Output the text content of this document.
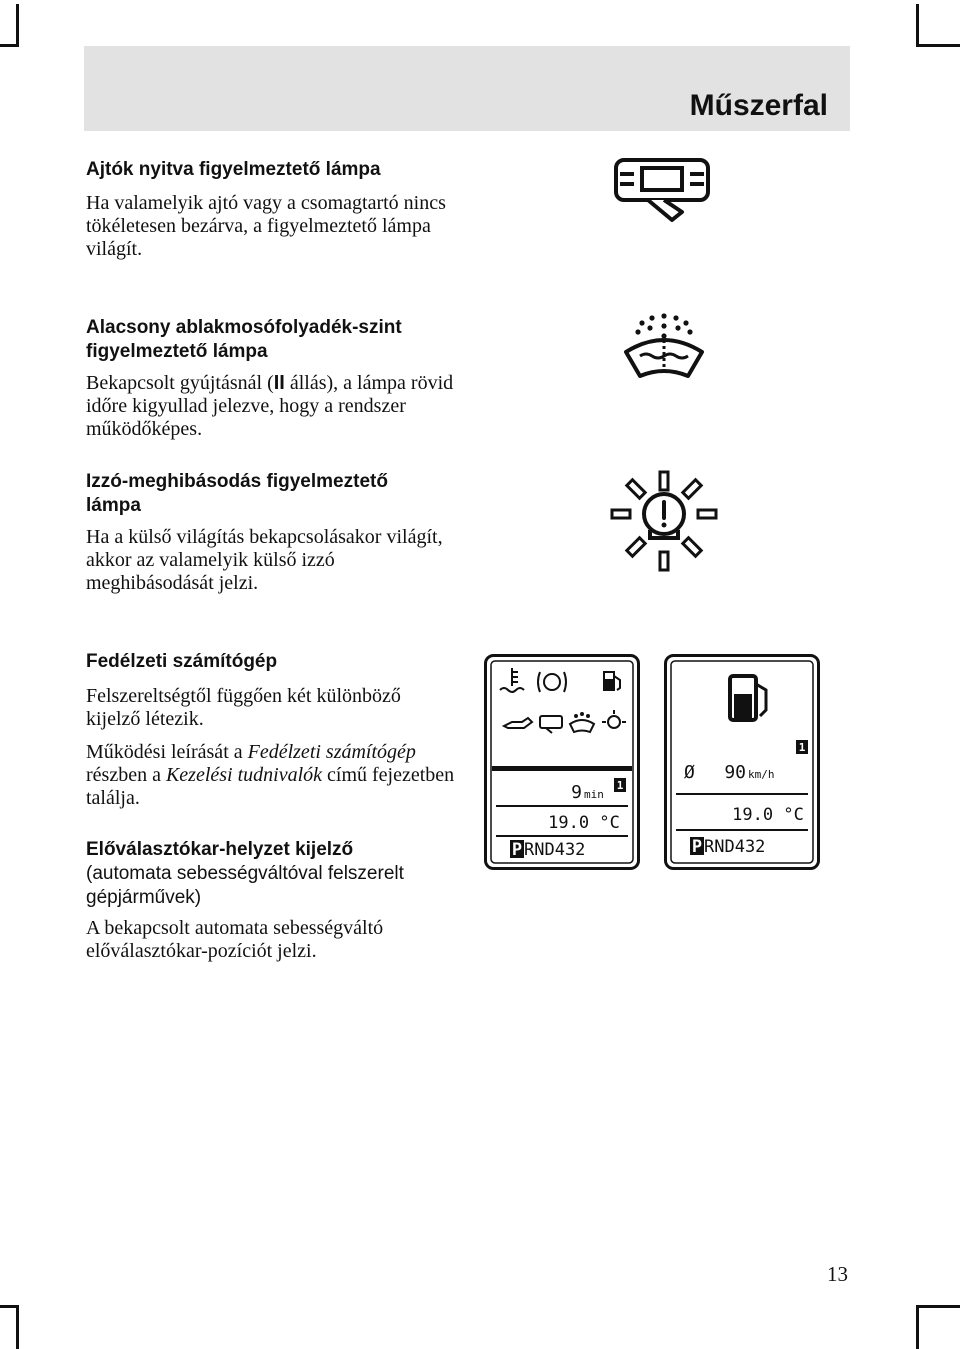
Műszerfal
Ajtók nyitva figyelmeztető lámpa

Ha valamelyik ajtó vagy a csomagtartó nincs tökéletesen bezárva, a figyelmeztető lámpa világít.

Alacsony ablakmosófolyadék-szint figyelmeztető lámpa

Bekapcsolt gyújtásnál (II állás), a lámpa rövid időre kigyullad jelezve, hogy a rendszer működőképes.

Izzó-meghibásodás figyelmeztető lámpa

Ha a külső világítás bekapcsolásakor világít, akkor az valamelyik külső izzó meghibásodását jelzi.

Fedélzeti számítógép

Felszereltségtől függően két különböző kijelző létezik.

Működési leírását a Fedélzeti számítógép részben a Kezelési tudnivalók című fejezetben találja.

Előválasztókar-helyzet kijelző
(automata sebességváltóval felszerelt gépjárművek)

A bekapcsolt automata sebességváltó előválasztókar-pozíciót jelzi.

9 min
1
19.0 °C
P RND432
1
Ø 90 km/h
19.0 °C
P RND432
13
